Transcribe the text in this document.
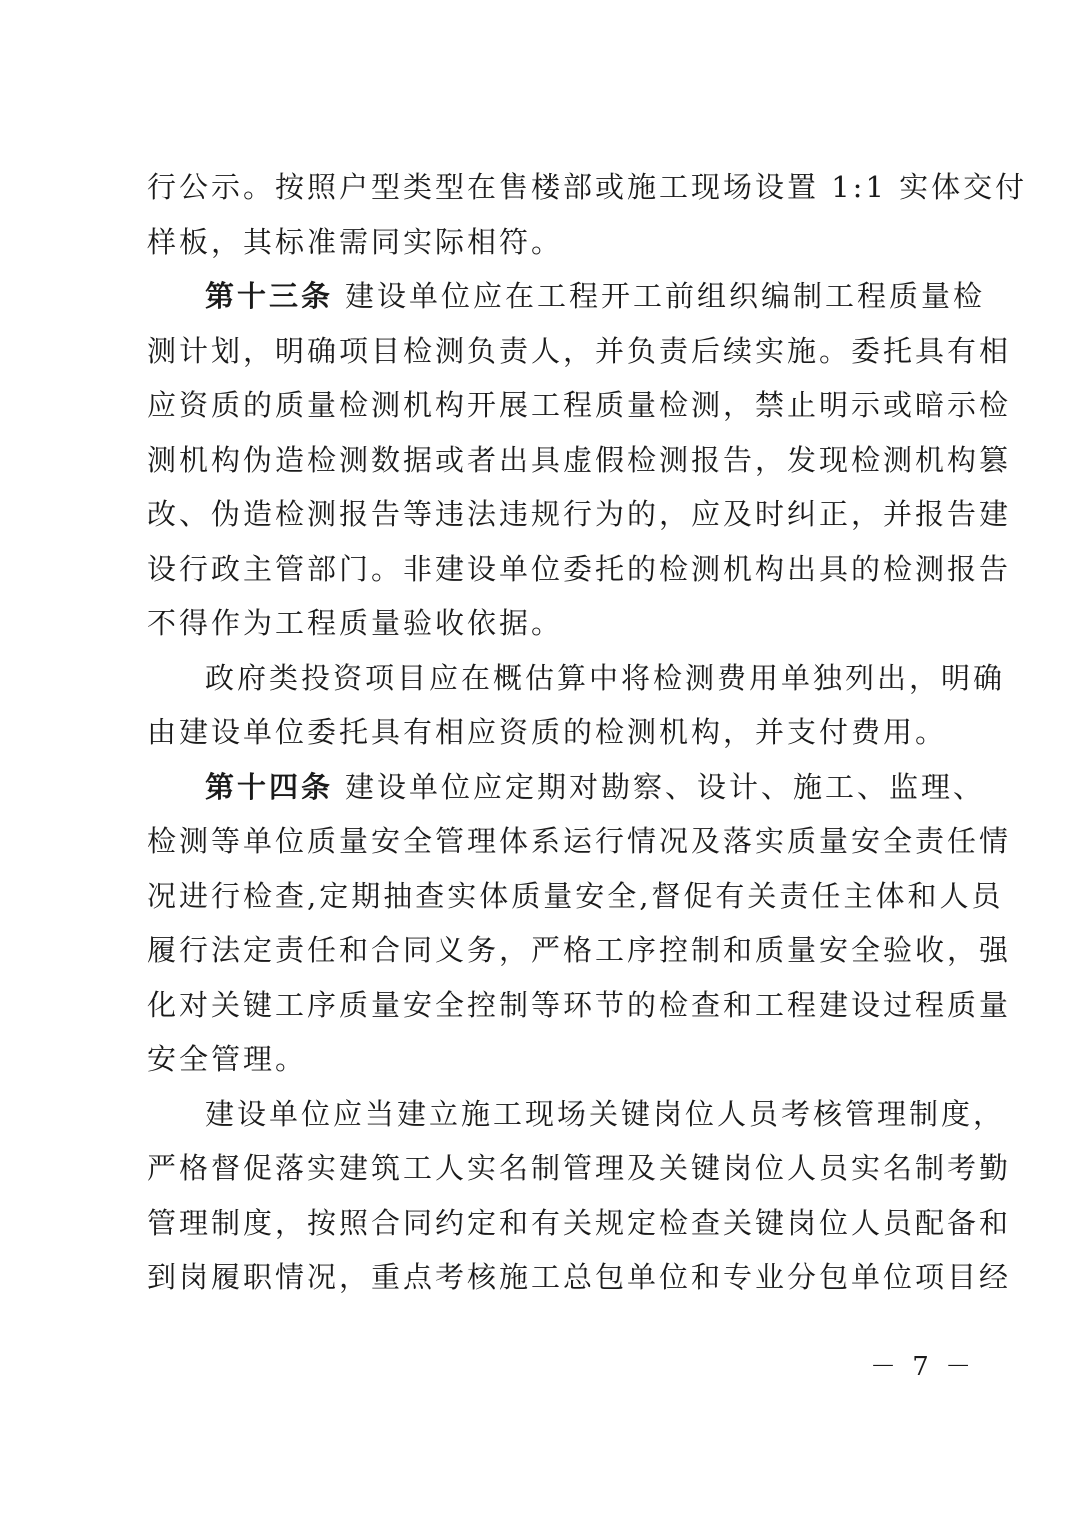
行公示。按照户型类型在售楼部或施工现场设置 1:1 实体交付
样板，其标准需同实际相符。
第十三条 建设单位应在工程开工前组织编制工程质量检
测计划，明确项目检测负责人，并负责后续实施。委托具有相
应资质的质量检测机构开展工程质量检测，禁止明示或暗示检
测机构伪造检测数据或者出具虚假检测报告，发现检测机构篡
改、伪造检测报告等违法违规行为的，应及时纠正，并报告建
设行政主管部门。非建设单位委托的检测机构出具的检测报告
不得作为工程质量验收依据。
政府类投资项目应在概估算中将检测费用单独列出，明确
由建设单位委托具有相应资质的检测机构，并支付费用。
第十四条 建设单位应定期对勘察、设计、施工、监理、
检测等单位质量安全管理体系运行情况及落实质量安全责任情
况进行检查,定期抽查实体质量安全,督促有关责任主体和人员
履行法定责任和合同义务，严格工序控制和质量安全验收，强
化对关键工序质量安全控制等环节的检查和工程建设过程质量
安全管理。
建设单位应当建立施工现场关键岗位人员考核管理制度，
严格督促落实建筑工人实名制管理及关键岗位人员实名制考勤
管理制度，按照合同约定和有关规定检查关键岗位人员配备和
到岗履职情况，重点考核施工总包单位和专业分包单位项目经
－ 7 －
